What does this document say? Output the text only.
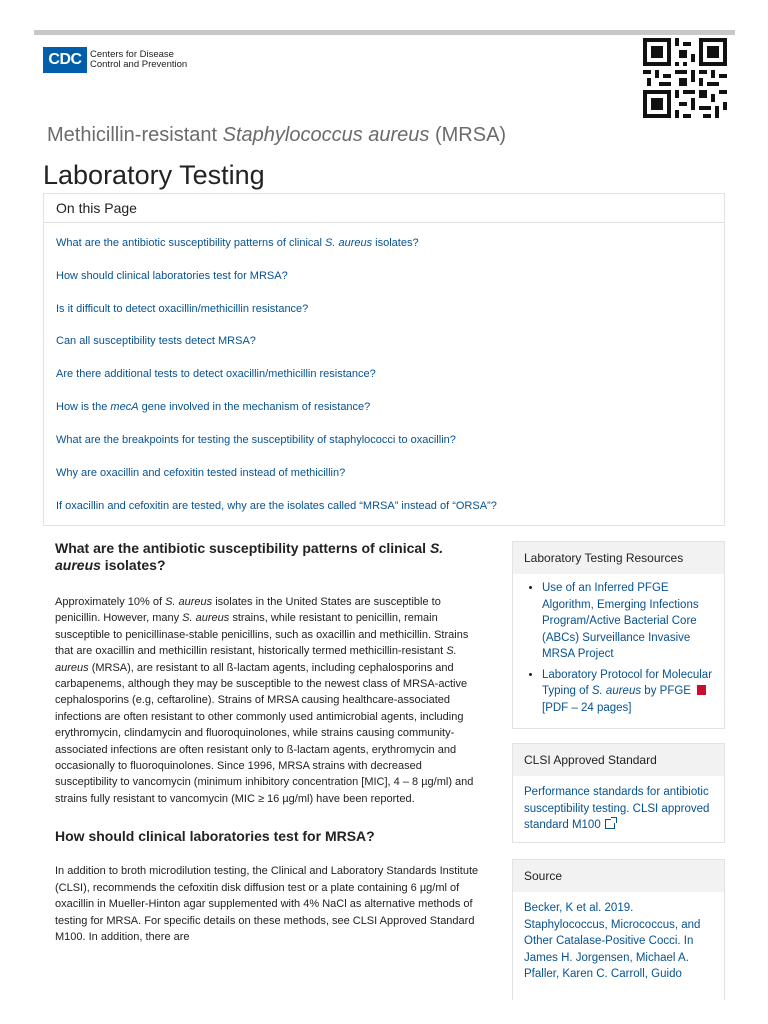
CDC Centers for Disease
Control and Prevention
Methicillin-resistant Staphylococcus aureus (MRSA)
Laboratory Testing
On this Page
What are the antibiotic susceptibility patterns of clinical S. aureus isolates?
How should clinical laboratories test for MRSA?
Is it difficult to detect oxacillin/methicillin resistance?
Can all susceptibility tests detect MRSA?
Are there additional tests to detect oxacillin/methicillin resistance?
How is the mecA gene involved in the mechanism of resistance?
What are the breakpoints for testing the susceptibility of staphylococci to oxacillin?
Why are oxacillin and cefoxitin tested instead of methicillin?
If oxacillin and cefoxitin are tested, why are the isolates called “MRSA” instead of “ORSA”?
What are the antibiotic susceptibility patterns of clinical S. aureus isolates?

Approximately 10% of S. aureus isolates in the United States are susceptible to penicillin. However, many S. aureus strains, while resistant to penicillin, remain susceptible to penicillinase-stable penicillins, such as oxacillin and methicillin. Strains that are oxacillin and methicillin resistant, historically termed methicillin-resistant S. aureus (MRSA), are resistant to all ß-lactam agents, including cephalosporins and carbapenems, although they may be susceptible to the newest class of MRSA-active cephalosporins (e.g, ceftaroline). Strains of MRSA causing healthcare-associated infections are often resistant to other commonly used antimicrobial agents, including erythromycin, clindamycin and fluoroquinolones, while strains causing community-associated infections are often resistant only to ß-lactam agents, erythromycin and occasionally to fluoroquinolones. Since 1996, MRSA strains with decreased susceptibility to vancomycin (minimum inhibitory concentration [MIC], 4 – 8 µg/ml) and strains fully resistant to vancomycin (MIC ≥ 16 µg/ml) have been reported.

How should clinical laboratories test for MRSA?

In addition to broth microdilution testing, the Clinical and Laboratory Standards Institute (CLSI), recommends the cefoxitin disk diffusion test or a plate containing 6 µg/ml of oxacillin in Mueller-Hinton agar supplemented with 4% NaCl as alternative methods of testing for MRSA. For specific details on these methods, see CLSI Approved Standard M100. In addition, there are

Laboratory Testing Resources
• Use of an Inferred PFGE Algorithm, Emerging Infections Program/Active Bacterial Core (ABCs) Surveillance Invasive MRSA Project
• Laboratory Protocol for Molecular Typing of S. aureus by PFGE[PDF – 24 pages]
CLSI Approved Standard
Performance standards for antibiotic susceptibility testing. CLSI approved standard M100
Source
Becker, K et al. 2019. Staphylococcus, Micrococcus, and Other Catalase-Positive Cocci. In James H. Jorgensen, Michael A. Pfaller, Karen C. Carroll, Guido
